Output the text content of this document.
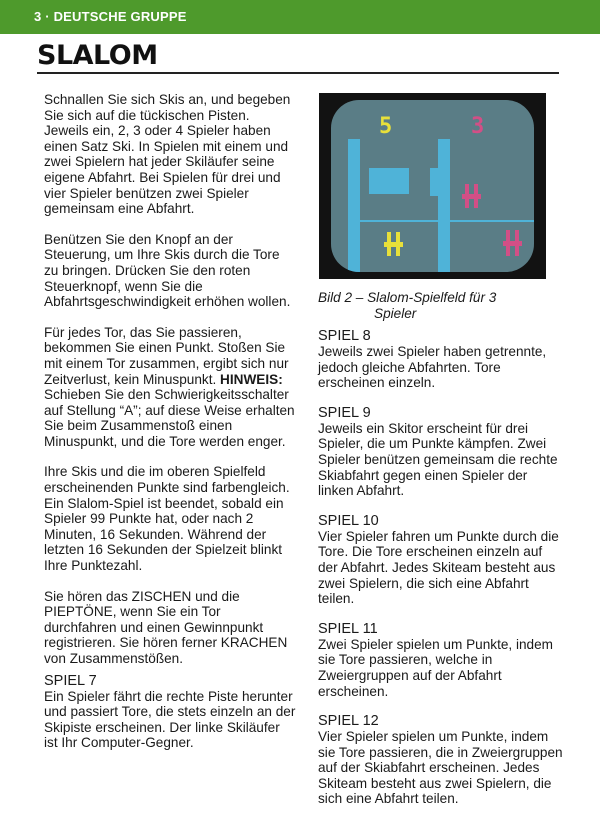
3 · DEUTSCHE GRUPPE
SLALOM

Schnallen Sie sich Skis an, und begeben Sie sich auf die tückischen Pisten. Jeweils ein, 2, 3 oder 4 Spieler haben einen Satz Ski. In Spielen mit einem und zwei Spielern hat jeder Skiläufer seine eigene Abfahrt. Bei Spielen für drei und vier Spieler benützen zwei Spieler gemeinsam eine Abfahrt.

Benützen Sie den Knopf an der Steuerung, um Ihre Skis durch die Tore zu bringen. Drücken Sie den roten Steuerknopf, wenn Sie die Abfahrtsgeschwindigkeit erhöhen wollen.

Für jedes Tor, das Sie passieren, bekommen Sie einen Punkt. Stoßen Sie mit einem Tor zusammen, ergibt sich nur Zeitverlust, kein Minuspunkt. HINWEIS: Schieben Sie den Schwierigkeitsschalter auf Stellung “A”; auf diese Weise erhalten Sie beim Zusammenstoß einen Minuspunkt, und die Tore werden enger.

Ihre Skis und die im oberen Spielfeld erscheinenden Punkte sind farbengleich. Ein Slalom-Spiel ist beendet, sobald ein Spieler 99 Punkte hat, oder nach 2 Minuten, 16 Sekunden. Während der letzten 16 Sekunden der Spielzeit blinkt Ihre Punktezahl.

Sie hören das ZISCHEN und die PIEPTÖNE, wenn Sie ein Tor durchfahren und einen Gewinnpunkt registrieren. Sie hören ferner KRACHEN von Zusammenstößen.

SPIEL 7
Ein Spieler fährt die rechte Piste herunter und passiert Tore, die stets einzeln an der Skipiste erscheinen. Der linke Skiläufer ist Ihr Computer-Gegner.
5	3
Bild 2 – Slalom-Spielfeld für 3
Spieler
SPIEL 8
Jeweils zwei Spieler haben getrennte, jedoch gleiche Abfahrten. Tore erscheinen einzeln.
SPIEL 9
Jeweils ein Skitor erscheint für drei Spieler, die um Punkte kämpfen. Zwei Spieler benützen gemeinsam die rechte Skiabfahrt gegen einen Spieler der linken Abfahrt.
SPIEL 10
Vier Spieler fahren um Punkte durch die Tore. Die Tore erscheinen einzeln auf der Abfahrt. Jedes Skiteam besteht aus zwei Spielern, die sich eine Abfahrt teilen.
SPIEL 11
Zwei Spieler spielen um Punkte, indem sie Tore passieren, welche in Zweiergruppen auf der Abfahrt erscheinen.
SPIEL 12
Vier Spieler spielen um Punkte, indem sie Tore passieren, die in Zweiergruppen auf der Skiabfahrt erscheinen. Jedes Skiteam besteht aus zwei Spielern, die sich eine Abfahrt teilen.
